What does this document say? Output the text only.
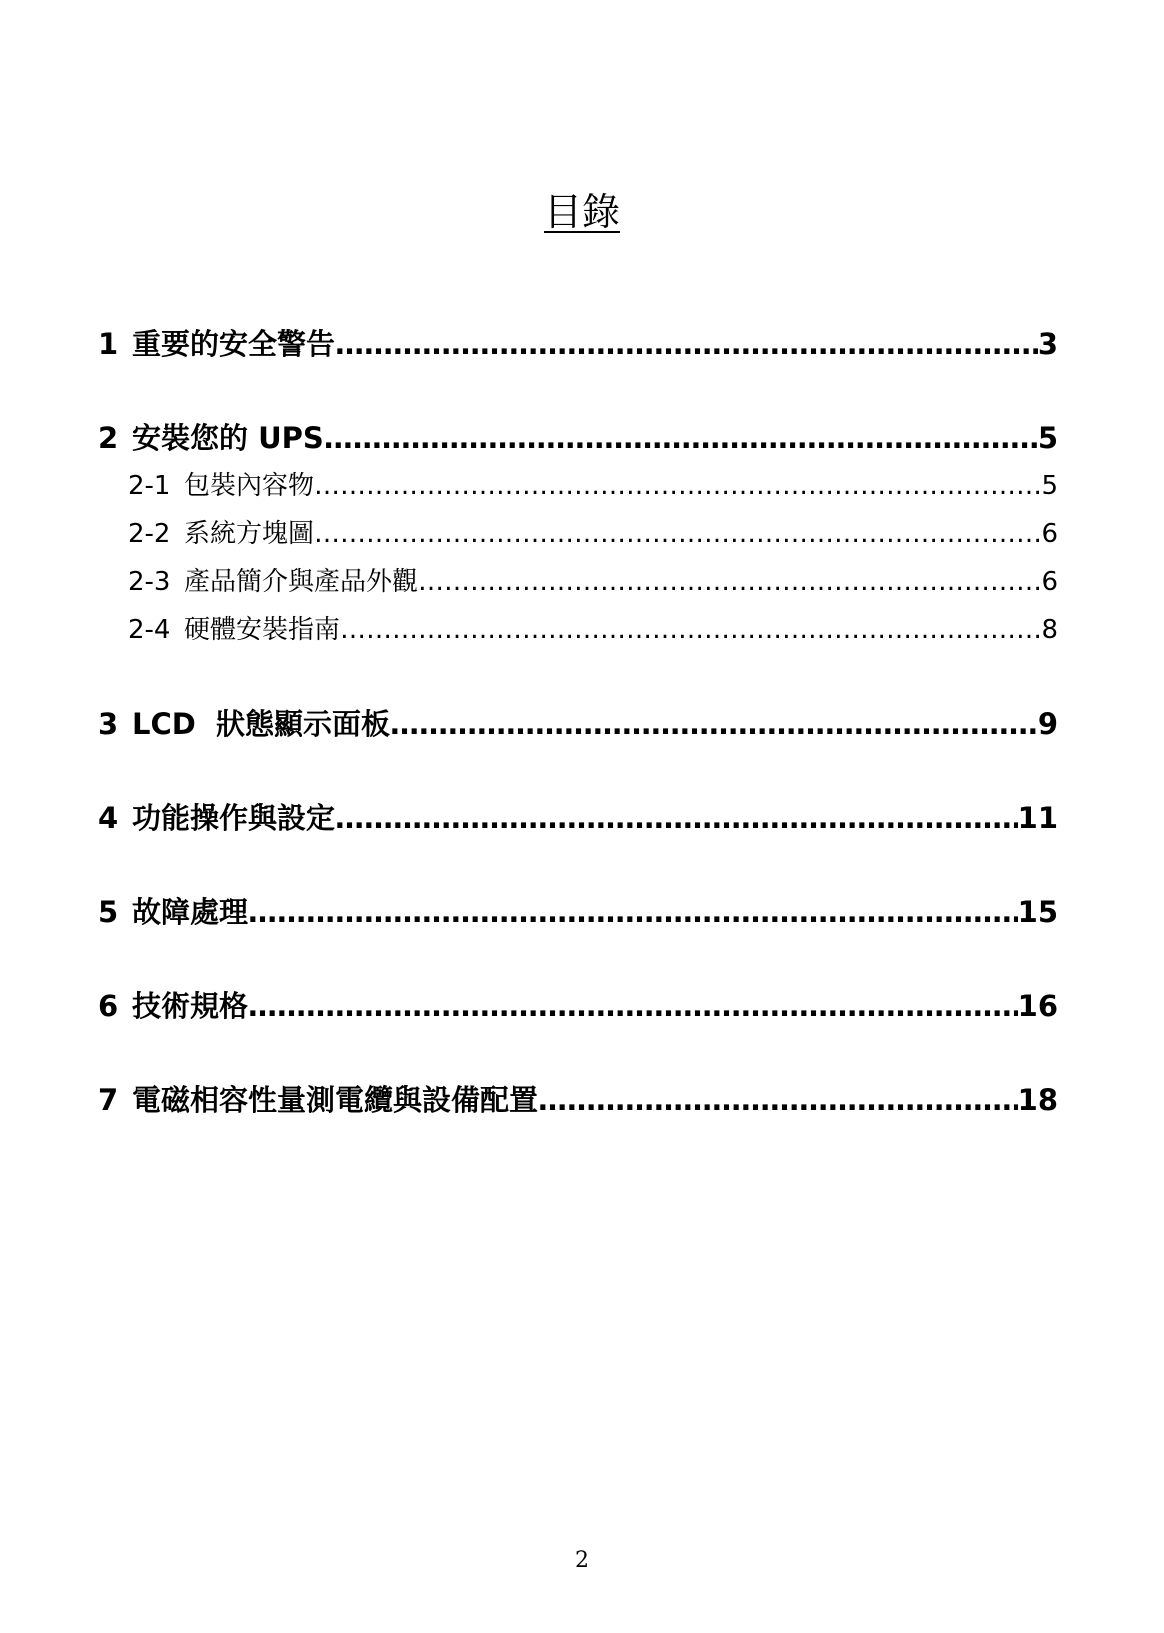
目錄
1 重要的安全警告 …………………………………………………………………………………………………………………………………………………………………………………………	3
2 安裝您的 UPS …………………………………………………………………………………………………………………………………………………………………………………………	5
2-1 包裝內容物 …………………………………………………………………………………………………………………………………………………………………………………………	5
2-2 系統方塊圖 …………………………………………………………………………………………………………………………………………………………………………………………	6
2-3 產品簡介與產品外觀 …………………………………………………………………………………………………………………………………………………………………………………………	6
2-4 硬體安裝指南 …………………………………………………………………………………………………………………………………………………………………………………………	8
3 LCD  狀態顯示面板 …………………………………………………………………………………………………………………………………………………………………………………………	9
4 功能操作與設定 …………………………………………………………………………………………………………………………………………………………………………………………	11
5 故障處理 …………………………………………………………………………………………………………………………………………………………………………………………	15
6 技術規格 …………………………………………………………………………………………………………………………………………………………………………………………	16
7 電磁相容性量測電纜與設備配置 …………………………………………………………………………………………………………………………………………………………………………………………	18
2
